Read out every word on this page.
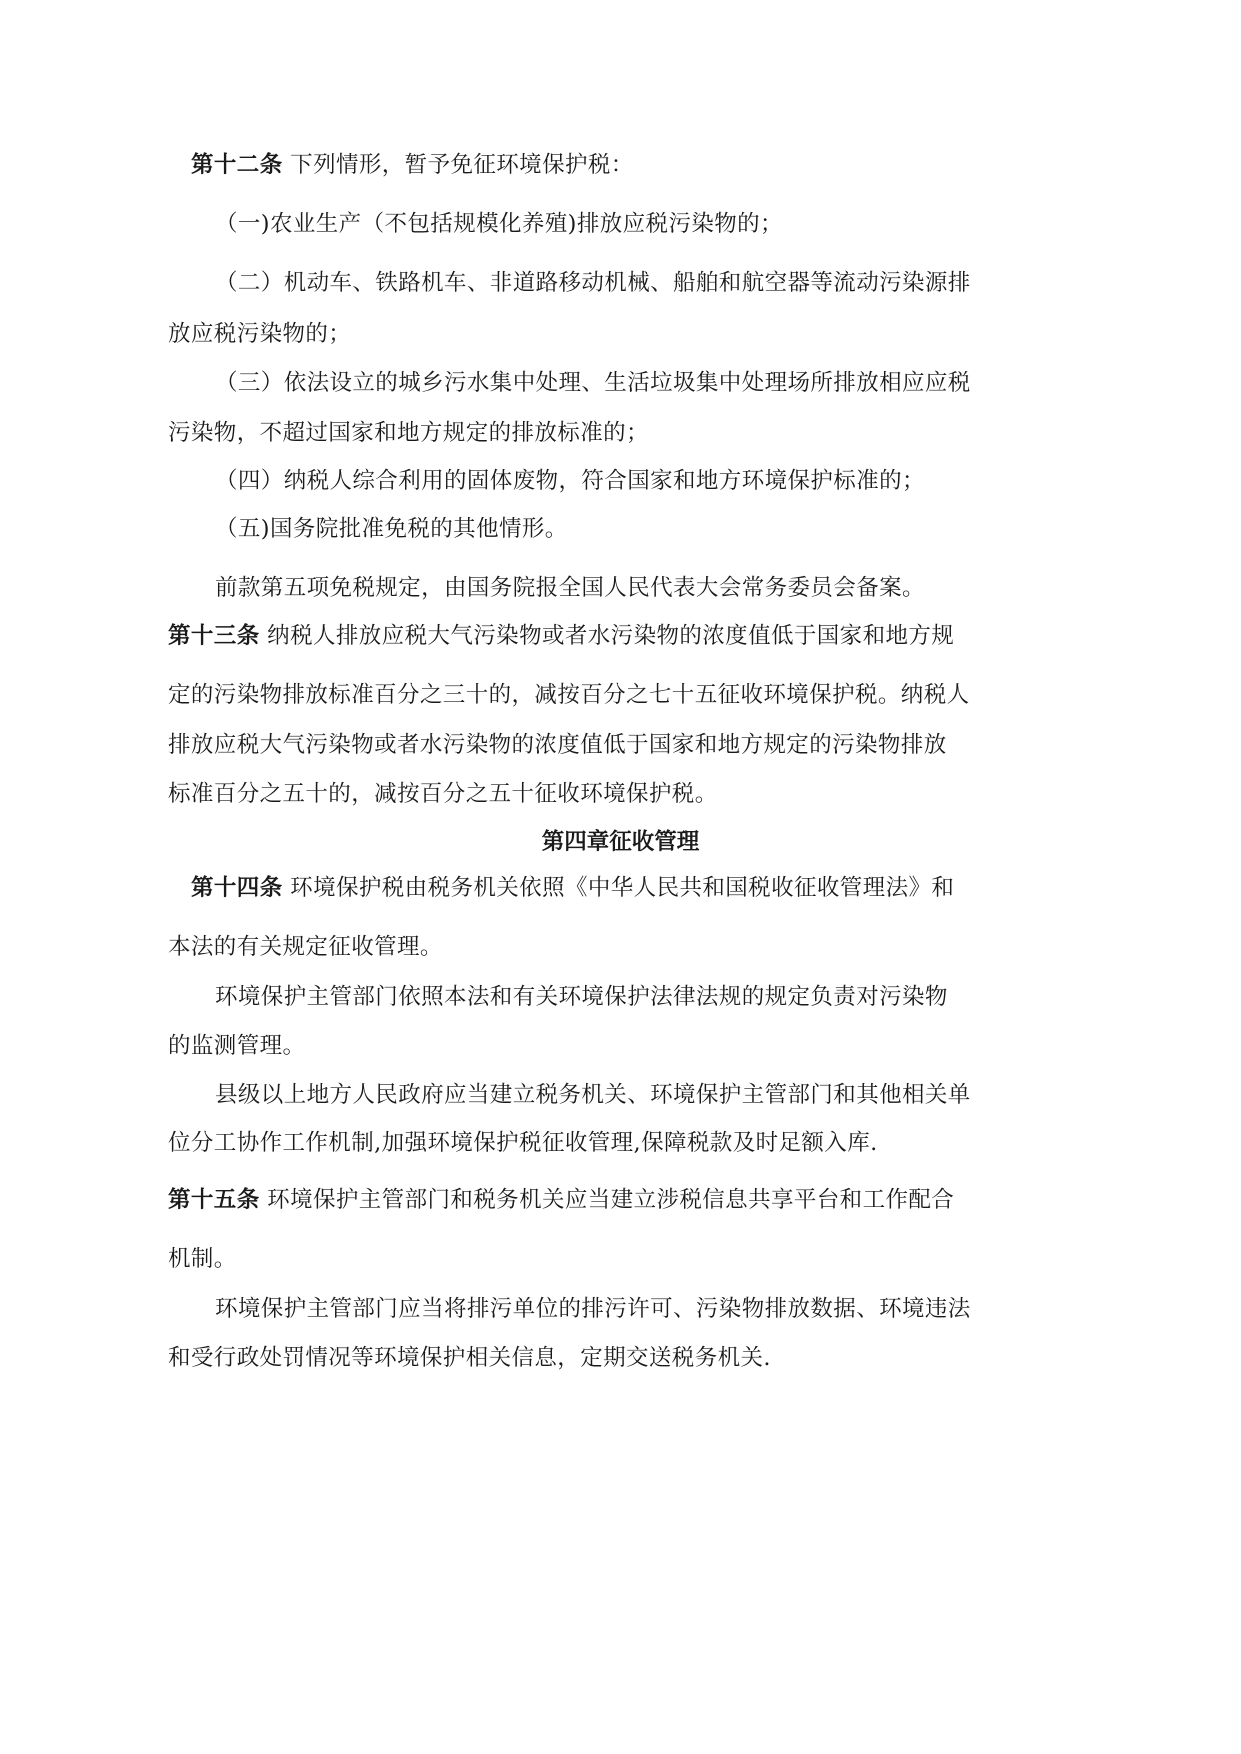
第十二条 下列情形，暂予免征环境保护税：

（一)农业生产（不包括规模化养殖)排放应税污染物的；

（二）机动车、铁路机车、非道路移动机械、船舶和航空器等流动污染源排

放应税污染物的；

（三）依法设立的城乡污水集中处理、生活垃圾集中处理场所排放相应应税

污染物，不超过国家和地方规定的排放标准的；

（四）纳税人综合利用的固体废物，符合国家和地方环境保护标准的；

（五)国务院批准免税的其他情形。

前款第五项免税规定，由国务院报全国人民代表大会常务委员会备案。

第十三条 纳税人排放应税大气污染物或者水污染物的浓度值低于国家和地方规

定的污染物排放标准百分之三十的，减按百分之七十五征收环境保护税。纳税人

排放应税大气污染物或者水污染物的浓度值低于国家和地方规定的污染物排放

标准百分之五十的，减按百分之五十征收环境保护税。

第四章征收管理

第十四条 环境保护税由税务机关依照《中华人民共和国税收征收管理法》和

本法的有关规定征收管理。

环境保护主管部门依照本法和有关环境保护法律法规的规定负责对污染物

的监测管理。

县级以上地方人民政府应当建立税务机关、环境保护主管部门和其他相关单

位分工协作工作机制,加强环境保护税征收管理,保障税款及时足额入库.

第十五条 环境保护主管部门和税务机关应当建立涉税信息共享平台和工作配合

机制。

环境保护主管部门应当将排污单位的排污许可、污染物排放数据、环境违法

和受行政处罚情况等环境保护相关信息，定期交送税务机关.
